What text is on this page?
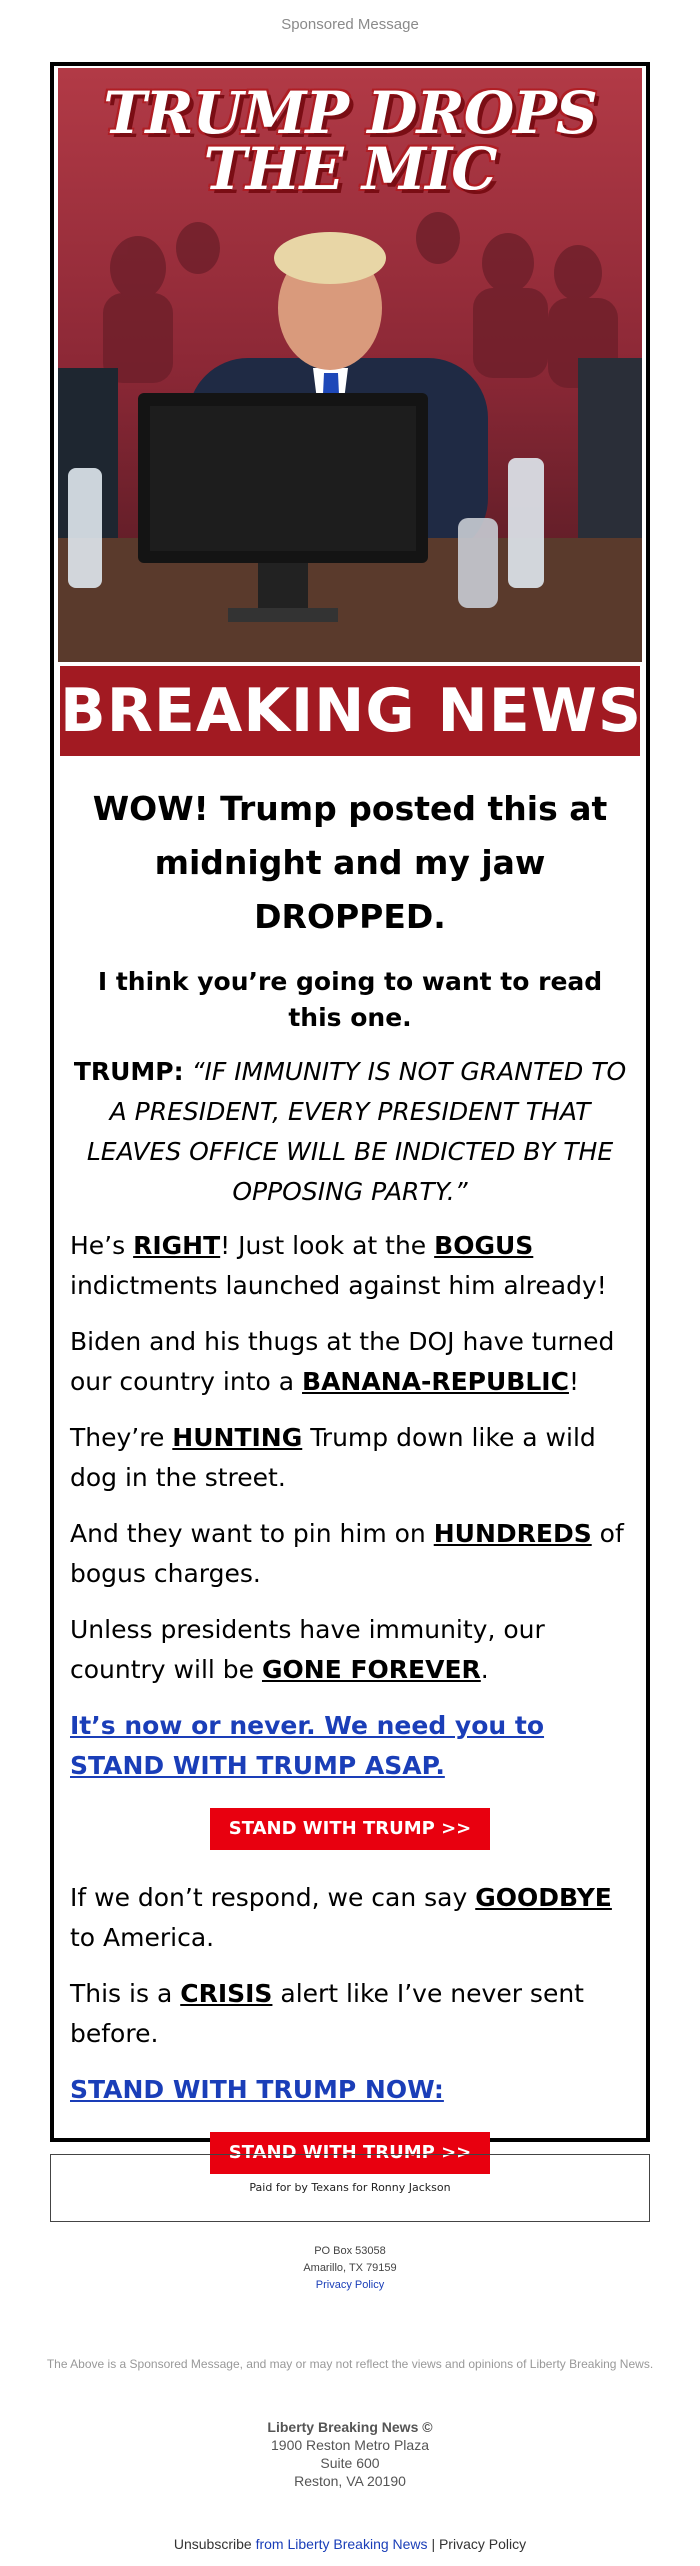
Sponsored Message
TRUMP DROPS
THE MIC
BREAKING NEWS
WOW! Trump posted this at midnight and my jaw DROPPED.
I think you’re going to want to read this one.
TRUMP: “IF IMMUNITY IS NOT GRANTED TO A PRESIDENT, EVERY PRESIDENT THAT LEAVES OFFICE WILL BE INDICTED BY THE OPPOSING PARTY.”

He’s RIGHT! Just look at the BOGUS indictments launched against him already!

Biden and his thugs at the DOJ have turned our country into a BANANA-REPUBLIC!

They’re HUNTING Trump down like a wild dog in the street.

And they want to pin him on HUNDREDS of bogus charges.

Unless presidents have immunity, our country will be GONE FOREVER.

It’s now or never. We need you to STAND WITH TRUMP ASAP.
STAND WITH TRUMP >>

If we don’t respond, we can say GOODBYE to America.

This is a CRISIS alert like I’ve never sent before.

STAND WITH TRUMP NOW:
STAND WITH TRUMP >>
Paid for by Texans for Ronny Jackson
PO Box 53058
Amarillo, TX 79159
Privacy Policy
The Above is a Sponsored Message, and may or may not reflect the views and opinions of Liberty Breaking News.
Liberty Breaking News ©
1900 Reston Metro Plaza
Suite 600
Reston, VA 20190
Unsubscribe from Liberty Breaking News | Privacy Policy
